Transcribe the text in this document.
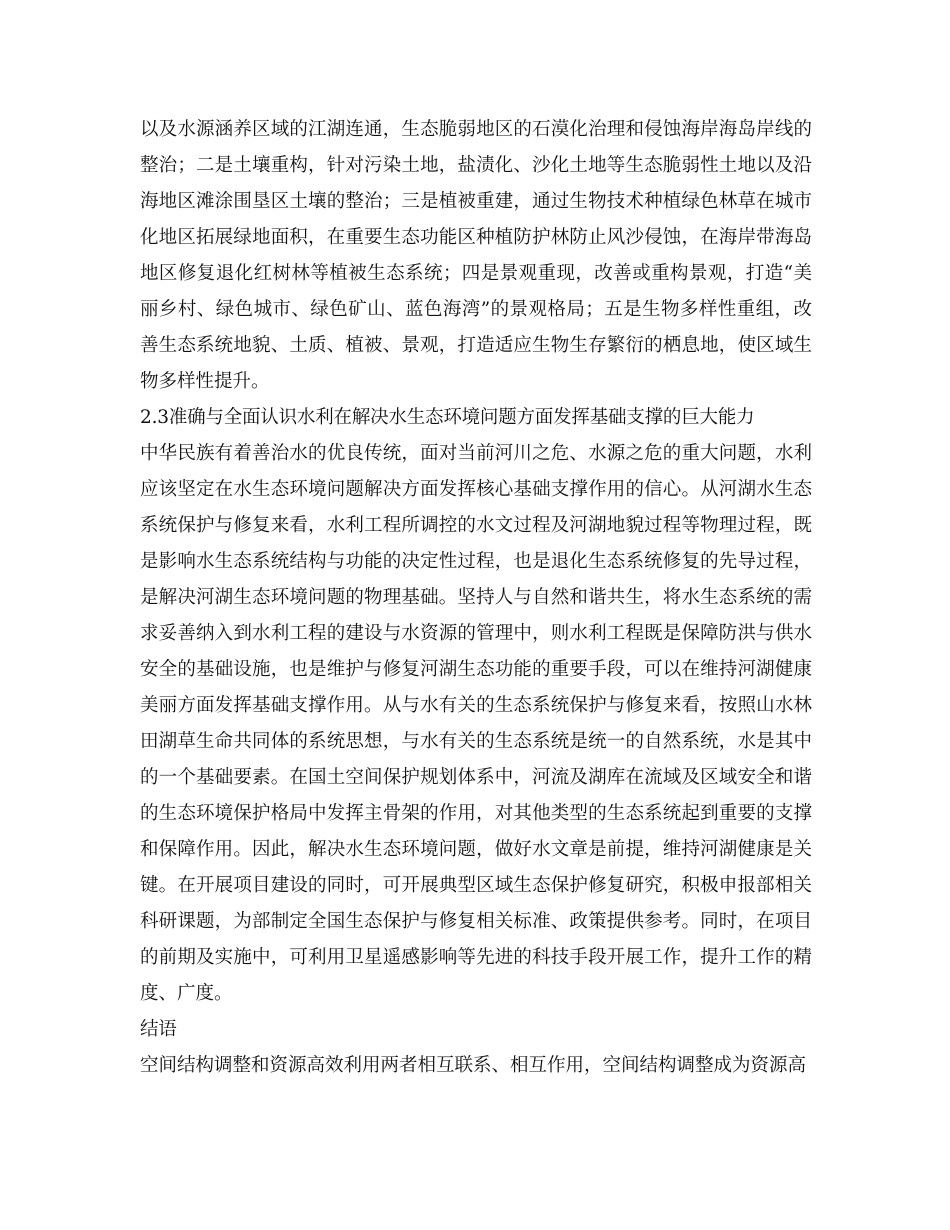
以及水源涵养区域的江湖连通，生态脆弱地区的石漠化治理和侵蚀海岸海岛岸线的整治；二是土壤重构，针对污染土地，盐渍化、沙化土地等生态脆弱性土地以及沿海地区滩涂围垦区土壤的整治；三是植被重建，通过生物技术种植绿色林草在城市化地区拓展绿地面积，在重要生态功能区种植防护林防止风沙侵蚀，在海岸带海岛地区修复退化红树林等植被生态系统；四是景观重现，改善或重构景观，打造“美丽乡村、绿色城市、绿色矿山、蓝色海湾”的景观格局；五是生物多样性重组，改善生态系统地貌、土质、植被、景观，打造适应生物生存繁衍的栖息地，使区域生物多样性提升。

2.3准确与全面认识水利在解决水生态环境问题方面发挥基础支撑的巨大能力

中华民族有着善治水的优良传统，面对当前河川之危、水源之危的重大问题，水利应该坚定在水生态环境问题解决方面发挥核心基础支撑作用的信心。从河湖水生态系统保护与修复来看，水利工程所调控的水文过程及河湖地貌过程等物理过程，既是影响水生态系统结构与功能的决定性过程，也是退化生态系统修复的先导过程，是解决河湖生态环境问题的物理基础。坚持人与自然和谐共生，将水生态系统的需求妥善纳入到水利工程的建设与水资源的管理中，则水利工程既是保障防洪与供水安全的基础设施，也是维护与修复河湖生态功能的重要手段，可以在维持河湖健康美丽方面发挥基础支撑作用。从与水有关的生态系统保护与修复来看，按照山水林田湖草生命共同体的系统思想，与水有关的生态系统是统一的自然系统，水是其中的一个基础要素。在国土空间保护规划体系中，河流及湖库在流域及区域安全和谐的生态环境保护格局中发挥主骨架的作用，对其他类型的生态系统起到重要的支撑和保障作用。因此，解决水生态环境问题，做好水文章是前提，维持河湖健康是关键。在开展项目建设的同时，可开展典型区域生态保护修复研究，积极申报部相关科研课题，为部制定全国生态保护与修复相关标准、政策提供参考。同时，在项目的前期及实施中，可利用卫星遥感影响等先进的科技手段开展工作，提升工作的精度、广度。

结语

空间结构调整和资源高效利用两者相互联系、相互作用，空间结构调整成为资源高
